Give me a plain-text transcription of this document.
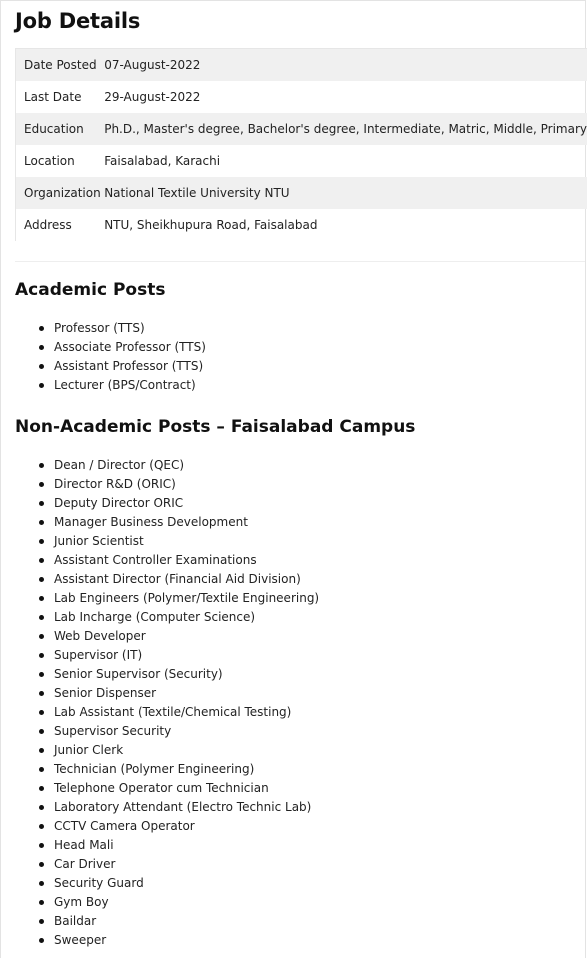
Job Details
Date Posted	07-August-2022
Last Date	29-August-2022
Education	Ph.D., Master's degree, Bachelor's degree, Intermediate, Matric, Middle, Primary
Location	Faisalabad, Karachi
Organization	National Textile University NTU
Address	NTU, Sheikhupura Road, Faisalabad
Academic Posts
Professor (TTS)
Associate Professor (TTS)
Assistant Professor (TTS)
Lecturer (BPS/Contract)
Non-Academic Posts – Faisalabad Campus
Dean / Director (QEC)
Director R&D (ORIC)
Deputy Director ORIC
Manager Business Development
Junior Scientist
Assistant Controller Examinations
Assistant Director (Financial Aid Division)
Lab Engineers (Polymer/Textile Engineering)
Lab Incharge (Computer Science)
Web Developer
Supervisor (IT)
Senior Supervisor (Security)
Senior Dispenser
Lab Assistant (Textile/Chemical Testing)
Supervisor Security
Junior Clerk
Technician (Polymer Engineering)
Telephone Operator cum Technician
Laboratory Attendant (Electro Technic Lab)
CCTV Camera Operator
Head Mali
Car Driver
Security Guard
Gym Boy
Baildar
Sweeper
